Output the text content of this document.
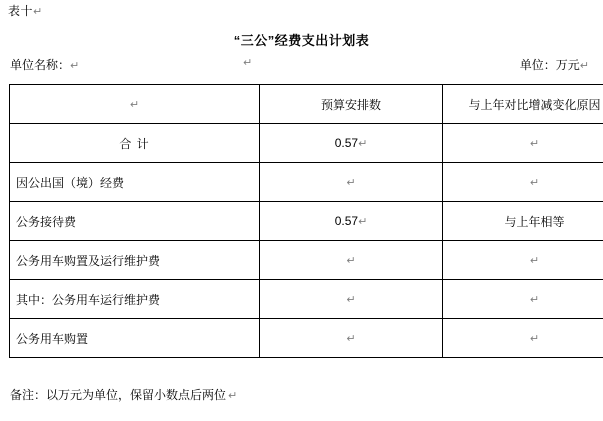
表十↵
“三公”经费支出计划表
单位名称：↵	↵	单位：万元↵
↵	预算安排数	与上年对比增减变化原因
合 计	0.57↵	↵
因公出国（境）经费	↵	↵
公务接待费	0.57↵	与上年相等
公务用车购置及运行维护费	↵	↵
其中：公务用车运行维护费	↵	↵
公务用车购置	↵	↵
备注：以万元为单位，保留小数点后两位 ↵
